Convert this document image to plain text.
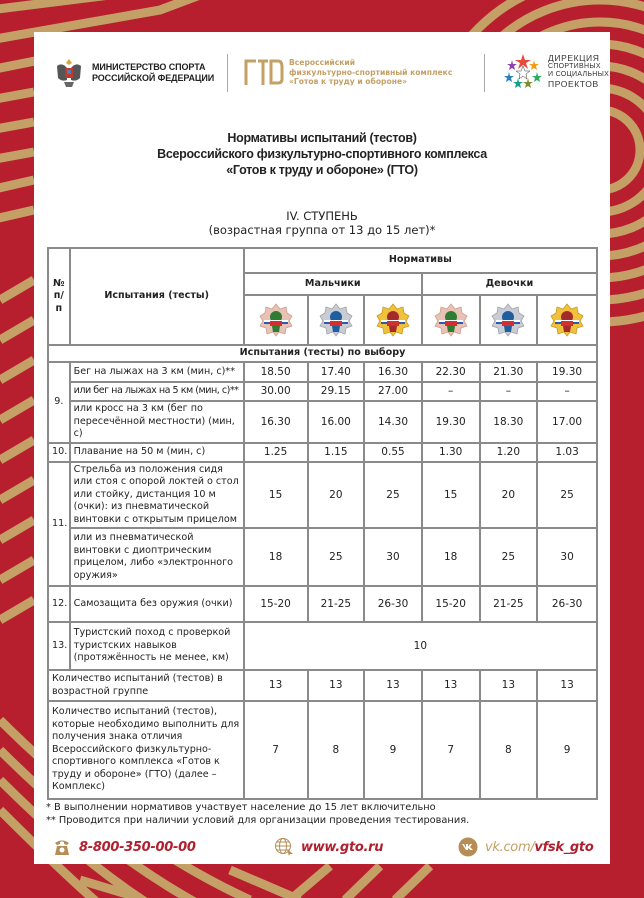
МИНИСТЕРСТВО СПОРТА
РОССИЙСКОЙ ФЕДЕРАЦИИ
Всероссийский
физкультурно-спортивный комплекс
«Готов к труду и обороне»
ДИРЕКЦИЯ
СПОРТИВНЫХ
И СОЦИАЛЬНЫХ
ПРОЕКТОВ
Нормативы испытаний (тестов)
Всероссийского физкультурно-спортивного комплекса
«Готов к труду и обороне» (ГТО)
IV. СТУПЕНЬ
(возрастная группа от 13 до 15 лет)*
№ п/п	Испытания (тесты)	Нормативы					
		Мальчики			Девочки		

Испытания (тесты) по выбору							
9.	Бег на лыжах на 3 км (мин, с)**	18.50	17.40	16.30	22.30	21.30	19.30
	или бег на лыжах на 5 км (мин, с)**	30.00	29.15	27.00	–	–	–
	или кросс на 3 км (бег по пересечённой местности) (мин, с)	16.30	16.00	14.30	19.30	18.30	17.00
10.	Плавание на 50 м (мин, с)	1.25	1.15	0.55	1.30	1.20	1.03
11.	Стрельба из положения сидя или стоя с опорой локтей о стол или стойку, дистанция 10 м (очки): из пневматической винтовки с открытым прицелом	15	20	25	15	20	25
	или из пневматической винтовки с диоптрическим прицелом, либо «электронного оружия»	18	25	30	18	25	30
12.	Самозащита без оружия (очки)	15-20	21-25	26-30	15-20	21-25	26-30
13.	Туристский поход с проверкой туристских навыков (протяжённость не менее, км)	10					
Количество испытаний (тестов) в возрастной группе		13	13	13	13	13	13
Количество испытаний (тестов), которые необходимо выполнить для получения знака отличия Всероссийского физкультурно-спортивного комплекса «Готов к труду и обороне» (ГТО) (далее – Комплекс)		7	8	9	7	8	9
* В выполнении нормативов участвует население до 15 лет включительно
** Проводится при наличии условий для организации проведения тестирования.
8-800-350-00-00	www.gto.ru	vk.com/vfsk_gto
